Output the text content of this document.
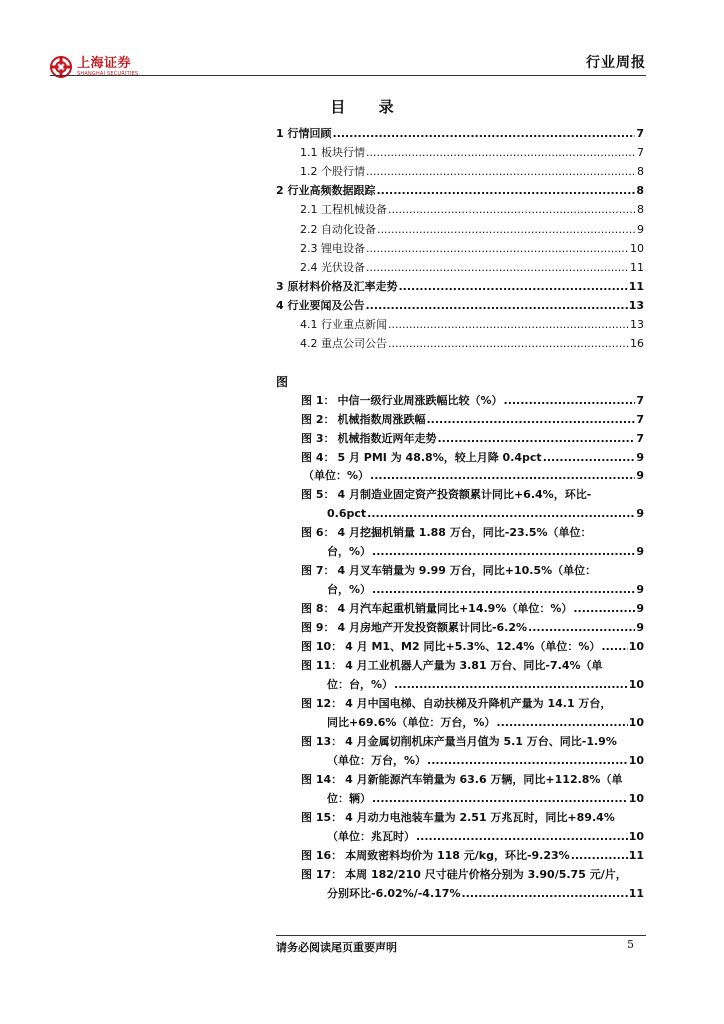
上海证券
SHANGHAI SECURITIES
行业周报
目 录
1 行情回顾 .....	7
1.1 板块行情 .....	7
1.2 个股行情 .....	8
2 行业高频数据跟踪 .....	8
2.1 工程机械设备 .....	8
2.2 自动化设备 .....	9
2.3 锂电设备 .....	10
2.4 光伏设备 .....	11
3 原材料价格及汇率走势 .....	11
4 行业要闻及公告 .....	13
4.1 行业重点新闻 .....	13
4.2 重点公司公告 .....	16
图
图 1： 中信一级行业周涨跌幅比较（%） .....	7
图 2： 机械指数周涨跌幅 .....	7
图 3： 机械指数近两年走势 .....	7
图 4： 5 月 PMI 为 48.8%，较上月降 0.4pct .....	9
（单位：%） .....	9
图 5： 4 月制造业固定资产投资额累计同比+6.4%，环比-
0.6pct .....	9
图 6： 4 月挖掘机销量 1.88 万台，同比-23.5%（单位：
台，%） .....	9
图 7： 4 月叉车销量为 9.99 万台，同比+10.5%（单位：
台，%） .....	9
图 8： 4 月汽车起重机销量同比+14.9%（单位：%） .....	9
图 9： 4 月房地产开发投资额累计同比-6.2% .....	9
图 10： 4 月 M1、M2 同比+5.3%、12.4%（单位：%） .....	10
图 11： 4 月工业机器人产量为 3.81 万台、同比-7.4%（单
位：台，%） .....	10
图 12： 4 月中国电梯、自动扶梯及升降机产量为 14.1 万台，
同比+69.6%（单位：万台，%） .....	10
图 13： 4 月金属切削机床产量当月值为 5.1 万台、同比-1.9%
（单位：万台，%） .....	10
图 14： 4 月新能源汽车销量为 63.6 万辆，同比+112.8%（单
位：辆） .....	10
图 15： 4 月动力电池装车量为 2.51 万兆瓦时，同比+89.4%
（单位：兆瓦时） .....	10
图 16： 本周致密料均价为 118 元/kg，环比-9.23% .....	11
图 17： 本周 182/210 尺寸硅片价格分别为 3.90/5.75 元/片，
分别环比-6.02%/-4.17% .....	11
请务必阅读尾页重要声明	5
